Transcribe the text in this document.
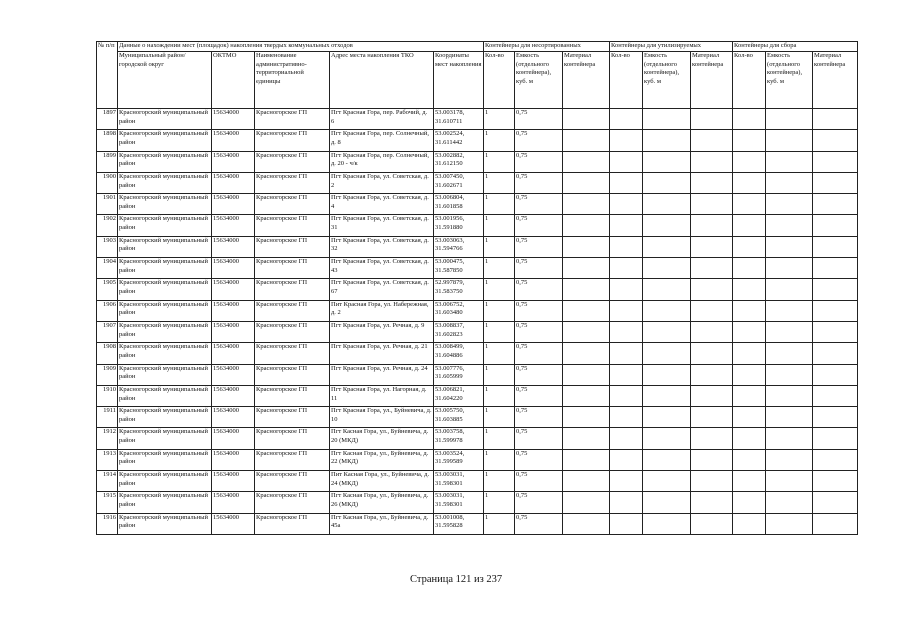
№ п/п	Данные о нахождении мест (площадок) накопления твердых коммунальных отходов					Контейнеры для несортированных			Контейнеры для утилизируемых			Контейнеры для сбора		
	Муниципальный район/городской округ	ОКТМО	Наименование административно-территориальной единицы	Адрес места накопления ТКО	Координаты мест накопления	Кол-во	Емкость (отдельного контейнера), куб. м	Материал контейнера	Кол-во	Емкость (отдельного контейнера), куб. м	Материал контейнера	Кол-во	Емкость (отдельного контейнера), куб. м	Материал контейнера
1897	Красногорский муниципальный район	15634000	Красногорское ГП	Пгт Красная Гора, пер. Рабочий, д. 6	53.003178, 31.610711	1	0,75							
1898	Красногорский муниципальный район	15634000	Красногорское ГП	Пгт Красная Гора, пер. Солнечный, д. 8	53.002524, 31.611442	1	0,75							
1899	Красногорский муниципальный район	15634000	Красногорское ГП	Пгт Красная Гора, пер. Солнечный, д. 20 - ч/к	53.002882, 31.612150	1	0,75							
1900	Красногорский муниципальный район	15634000	Красногорское ГП	Пгт Красная Гора, ул. Советская, д. 2	53.007450, 31.602671	1	0,75							
1901	Красногорский муниципальный район	15634000	Красногорское ГП	Пгт Красная Гора, ул. Советская, д. 4	53.006804, 31.601858	1	0,75							
1902	Красногорский муниципальный район	15634000	Красногорское ГП	Пгт Красная Гора, ул. Советская, д. 31	53.001956, 31.591880	1	0,75							
1903	Красногорский муниципальный район	15634000	Красногорское ГП	Пгт Красная Гора, ул. Советская, д. 32	53.003063, 31.594766	1	0,75							
1904	Красногорский муниципальный район	15634000	Красногорское ГП	Пгт Красная Гора, ул. Советская, д. 43	53.000475, 31.587850	1	0,75							
1905	Красногорский муниципальный район	15634000	Красногорское ГП	Пгт Красная Гора, ул. Советская, д. 67	52.997879, 31.583750	1	0,75							
1906	Красногорский муниципальный район	15634000	Красногорское ГП	Пит Красная Гора, ул. Набережная, д. 2	53.006752, 31.603480	1	0,75							
1907	Красногорский муниципальный район	15634000	Красногорское ГП	Пгт Красная Гора, ул. Речная, д. 9	53.008837, 31.602823	1	0,75							
1908	Красногорский муниципальный район	15634000	Красногорское ГП	Пгт Красная Гора, ул. Речная, д. 21	53.008499, 31.604886	1	0,75							
1909	Красногорский муниципальный район	15634000	Красногорское ГП	Пгт Красная Гора, ул. Речная, д. 24	53.007776, 31.605999	1	0,75							
1910	Красногорский муниципальный район	15634000	Красногорское ГП	Пгт Красная Гора, ул. Нагорная, д. 11	53.006821, 31.604220	1	0,75							
1911	Красногорский муниципальный район	15634000	Красногорское ГП	Пгт Красная Гора, ул., Буйневича, д. 10	53.005750, 31.603885	1	0,75							
1912	Красногорский муниципальный район	15634000	Красногорское ГП	Пгт Касная Гора, ул., Буйневича, д. 20 (МКД)	53.003758, 31.599978	1	0,75							
1913	Красногорский муниципальный район	15634000	Красногорское ГП	Пгт Касная Гора, ул., Буйневича, д. 22 (МКД)	53.003524, 31.599589	1	0,75							
1914	Красногорский муниципальный район	15634000	Красногорское ГП	Пит Касная Гора, ул., Буйневича, д. 24 (МКД)	53.003031, 31.598301	1	0,75							
1915	Красногорский муниципальный район	15634000	Красногорское ГП	Пгт Касная Гора, ул., Буйневича, д. 26 (МКД)	53.003031, 31.598301	1	0,75							
1916	Красногорский муниципальный район	15634000	Красногорское ГП	Пгт Касная Гора, ул., Буйневича, д. 45а	53.001008, 31.595828	1	0,75							
Страница 121 из 237
